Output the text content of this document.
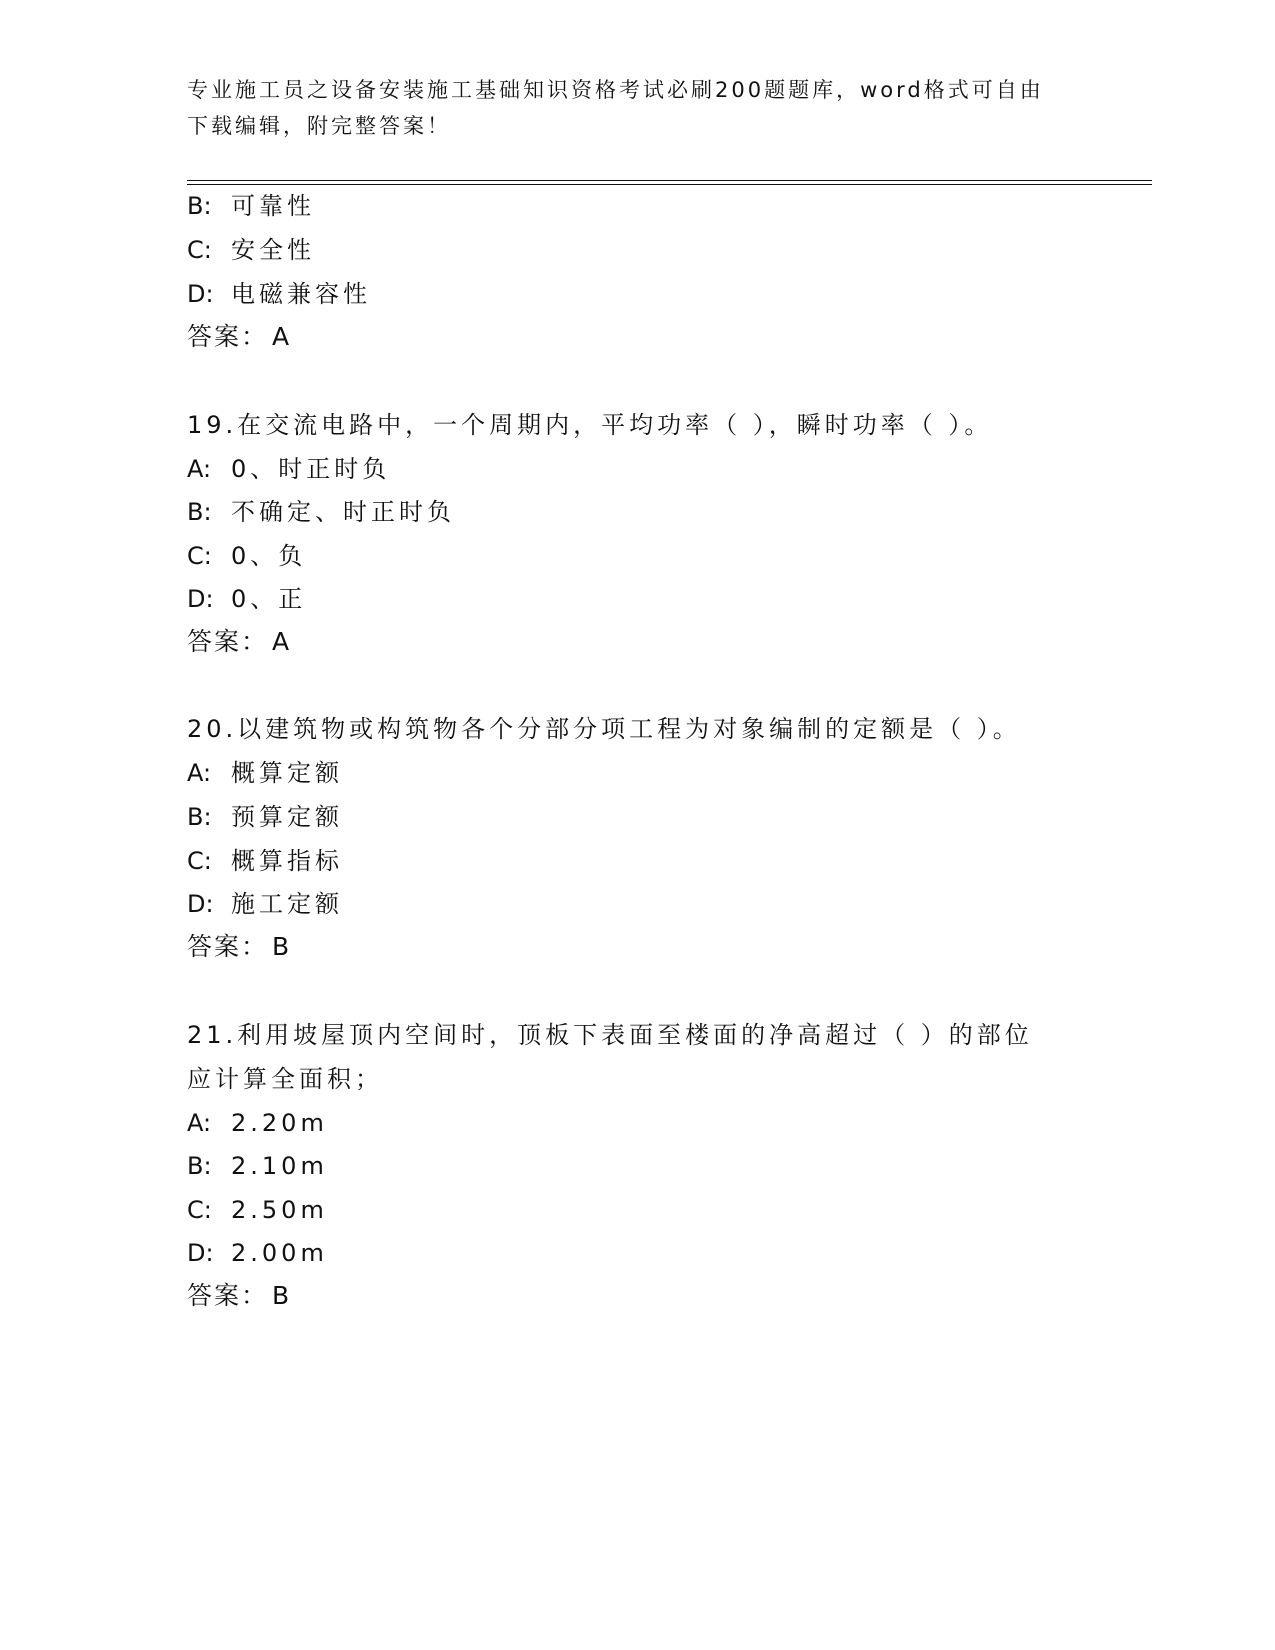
专业施工员之设备安装施工基础知识资格考试必刷200题题库，word格式可自由
下载编辑，附完整答案！
B: 可靠性
C: 安全性
D: 电磁兼容性
答案： A
19.在交流电路中，一个周期内，平均功率（ ），瞬时功率（ ）。
A: 0、时正时负
B: 不确定、时正时负
C: 0、负
D: 0、正
答案： A
20.以建筑物或构筑物各个分部分项工程为对象编制的定额是（ ）。
A: 概算定额
B: 预算定额
C: 概算指标
D: 施工定额
答案： B
21.利用坡屋顶内空间时，顶板下表面至楼面的净高超过（ ）的部位
应计算全面积；
A: 2.20m
B: 2.10m
C: 2.50m
D: 2.00m
答案： B
